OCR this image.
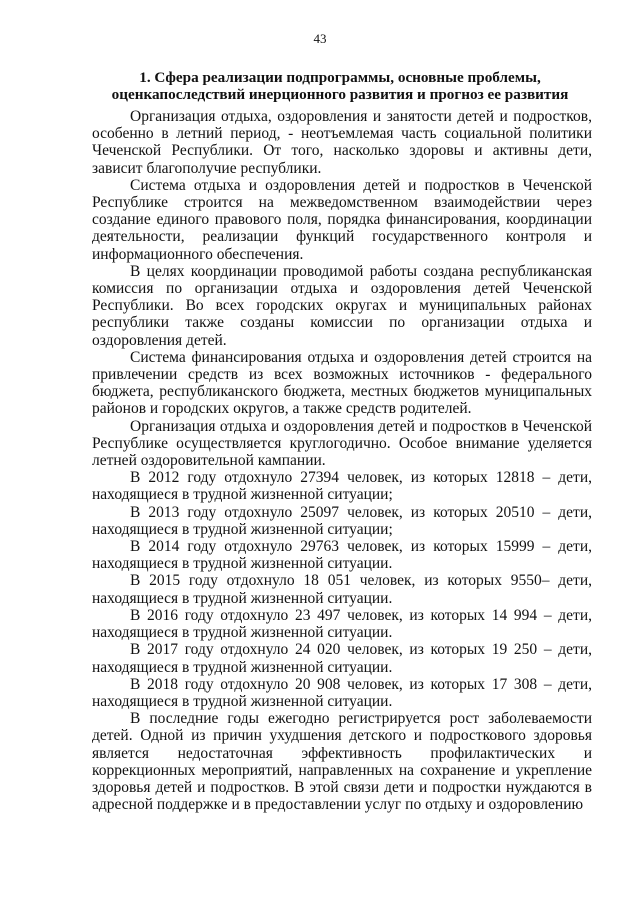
43
1. Сфера реализации подпрограммы, основные проблемы,
оценкапоследствий инерционного развития и прогноз ее развития

Организация отдыха, оздоровления и занятости детей и подростков, особенно в летний период, - неотъемлемая часть социальной политики Чеченской Республики. От того, насколько здоровы и активны дети, зависит благополучие республики.

Система отдыха и оздоровления детей и подростков в Чеченской Республике строится на межведомственном взаимодействии через создание единого правового поля, порядка финансирования, координации деятельности, реализации функций государственного контроля и информационного обеспечения.

В целях координации проводимой работы создана республиканская комиссия по организации отдыха и оздоровления детей Чеченской Республики. Во всех городских округах и муниципальных районах республики также созданы комиссии по организации отдыха и оздоровления детей.

Система финансирования отдыха и оздоровления детей строится на привлечении средств из всех возможных источников - федерального бюджета, республиканского бюджета, местных бюджетов муниципальных районов и городских округов, а также средств родителей.

Организация отдыха и оздоровления детей и подростков в Чеченской Республике осуществляется круглогодично. Особое внимание уделяется летней оздоровительной кампании.

В 2012 году отдохнуло 27394 человек, из которых 12818 – дети, находящиеся в трудной жизненной ситуации;

В 2013 году отдохнуло 25097 человек, из которых 20510 – дети, находящиеся в трудной жизненной ситуации;

В 2014 году отдохнуло 29763 человек, из которых 15999 – дети, находящиеся в трудной жизненной ситуации.

В 2015 году отдохнуло 18 051 человек, из которых 9550– дети, находящиеся в трудной жизненной ситуации.

В 2016 году отдохнуло 23 497 человек, из которых 14 994 – дети, находящиеся в трудной жизненной ситуации.

В 2017 году отдохнуло 24 020 человек, из которых 19 250 – дети, находящиеся в трудной жизненной ситуации.

В 2018 году отдохнуло 20 908 человек, из которых 17 308 – дети, находящиеся в трудной жизненной ситуации.

В последние годы ежегодно регистрируется рост заболеваемости детей. Одной из причин ухудшения детского и подросткового здоровья является недостаточная эффективность профилактических и коррекционных мероприятий, направленных на сохранение и укрепление здоровья детей и подростков. В этой связи дети и подростки нуждаются в адресной поддержке и в предоставлении услуг по отдыху и оздоровлению
